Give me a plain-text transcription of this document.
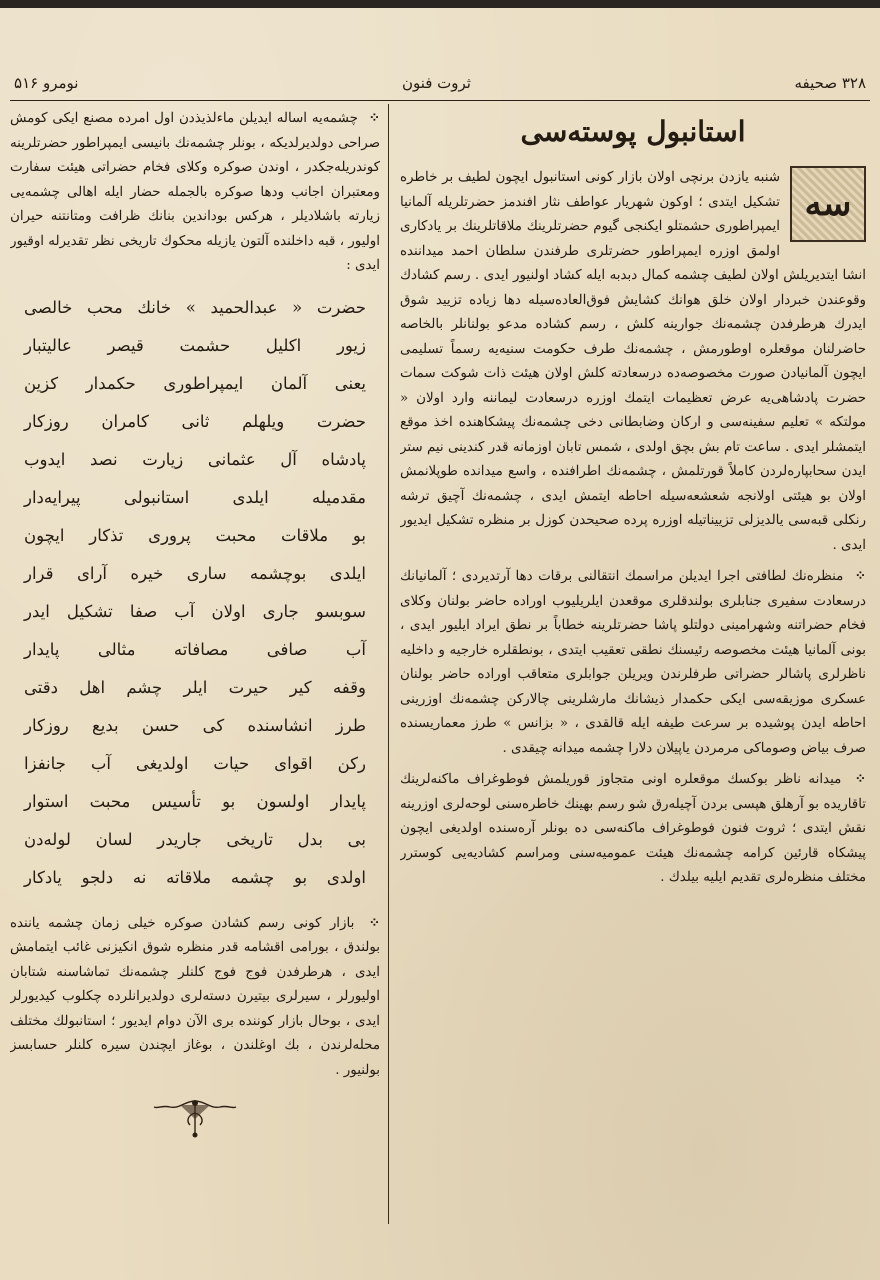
۳۲۸ صحیفه
ثروت فنون
نومرو ۵۱۶
استانبول پوسته‌سی

سه
شنبه یازدن برنچی اولان بازار کونی استانبول ایچون لطیف بر خاطره تشکیل ایتدی ؛ اوکون شهریار عواطف نثار افندمز حضرتلریله آلمانیا ایمپراطوری حشمتلو ایکنجی گیوم حضرتلرینك ملاقاتلرینك بر یادکاری اولمق اوزره ایمپراطور حضرتلری طرفندن سلطان احمد میدانندە انشا ایتدیریلش اولان لطیف چشمه کمال دبدبه ایله کشاد اولنیور ایدی . رسم کشادك وقوعندن خبردار اولان خلق هوانك کشایش فوق‌العاده‌سیله دها زیاده تزیید شوق ایدرك هرطرفدن چشمه‌نك جوارینه کلش ، رسم کشاده مدعو بولنانلر بالخاصه حاضرلنان موقعلره اوطورمش ، چشمه‌نك طرف حکومت سنیه‌یه رسماً تسلیمی ایچون آلمانیادن صورت مخصوصه‌ده درسعادته کلش اولان هیئت ذات شوکت سمات حضرت پادشاهی‌یه عرض تعظیمات ایتمك اوزره درسعادت لیماننه وارد اولان « مولتکه » تعلیم سفینه‌سی و ارکان وضابطانی دخی چشمه‌نك پیشکاهنده اخذ موقع ایتمشلر ایدی . ساعت تام بش بچق اولدی ، شمس تابان اوزمانه قدر کندینی نیم ستر ایدن سحابپاره‌لردن کاملاً قورتلمش ، چشمه‌نك اطرافنده ، واسع میدانده طوپلانمش اولان بو هیئتی اولانجه شعشعه‌سیله احاطه ایتمش ایدی ، چشمه‌نك آچیق ترشه رنکلی قبه‌سی یالدیزلی تزییناتیله اوزره پرده صحیحدن کوزل بر منظره تشکیل ایدیور ایدی .

⁘ منظره‌نك لطافتی اجرا ایدیلن مراسمك انتقالنی برقات دها آرتدیردی ؛ آلمانیانك درسعادت سفیری جنابلری بولندقلری موقعدن ایلریلیوب اوراده حاضر بولنان وکلای فخام حضراتنه وشهرامینی دولتلو پاشا حضرتلرینه خطاباً بر نطق ایراد ایلیور ایدی ، بونی آلمانیا هیئت مخصوصه رئیسنك نطقی تعقیب ایتدی ، بونطقلره خارجیه و داخلیه ناظرلری پاشالر حضراتی طرفلرندن ویریلن جوابلری متعاقب اوراده حاضر بولنان عسکری موزیقه‌سی ایکی حکمدار ذیشانك مارشلرینی چالارکن چشمه‌نك اوزرینی احاطه ایدن پوشیده بر سرعت طیفه ایله قالقدی ، « بزانس » طرز معماریسنده صرف بیاض وصوماکی مرمردن یاپیلان دلارا چشمه میدانه چیقدی .

⁘ میدانه ناظر بوکسك موقعلره اونی متجاوز قوریلمش فوطوغراف ماکنه‌لرینك تاقاریده بو آرهلق هپسی بردن آچیله‌رق شو رسم بهینك خاطره‌سنی لوحه‌لری اوزرینه نقش ایتدی ؛ ثروت فنون فوطوغراف ماکنه‌سی ده بونلر آره‌سنده اولدیغی ایچون پیشکاه قارئین کرامه چشمه‌نك هیئت عمومیه‌سنی ومراسم کشادیه‌یی کوسترر مختلف منظره‌لری تقدیم ایلیه بیلدك .

⁘ چشمه‌یه اساله ایدیلن ماءلذیذدن اول امرده مصنع ایکی کومش صراحی دولدیرلدیکه ، بونلر چشمه‌نك بانیسی ایمپراطور حضرتلرینه کوندریله‌جکدر ، اوندن صوکره وکلای فخام حضراتی هیئت سفارت ومعتبران اجانب ودها صوکره بالجمله حضار ایله اهالی چشمه‌یی زیارته باشلادیلر ، هرکس بوداندین بنانك ظرافت ومتانتنه حیران اولیور ، قبه داخلنده آلتون یازیله محکوك تاریخی نظر تقدیرله اوقیور ایدی :

حضرت « عبدالحمید » خانك محب خالصی
زیور اکلیل حشمت قیصر عالیتبار
یعنی آلمان ایمپراطوری حکمدار کزین
حضرت ویلهلم ثانی کامران روزکار
پادشاه آل عثمانی زیارت نصد ایدوب
مقدمیله ایلدی استانبولی پیرایه‌دار
بو ملاقات محبت پروری تذکار ایچون
ایلدی بوچشمه ساری خیره آرای قرار
سوبسو جاری اولان آب صفا تشکیل ایدر
آب صافی مصافاته مثالی پایدار
وقفه کیر حیرت ایلر چشم اهل دقتی
طرز انشاسنده کی حسن بدیع روزکار
رکن اقوای حیات اولدیغی آب جانفزا
پایدار اولسون بو تأسیس محبت استوار
بی بدل تاریخی جاریدر لسان لوله‌دن
اولدی بو چشمه ملاقاته نه دلجو یادکار

⁘ بازار کونی رسم کشادن صوکره خیلی زمان چشمه یاننده بولندق ، بورامی اقشامه قدر منظره شوق انکیزنی غائب ایتمامش ایدی ، هرطرفدن فوج فوج کلنلر چشمه‌نك تماشاسنه شتابان اولیورلر ، سیرلری بیتیرن دسته‌لری دولدیرانلرده چکلوب کیدیورلر ایدی ، بوحال بازار کوننده بری الآن دوام ایدیور ؛ استانبولك مختلف محله‌لرندن ، بك اوغلندن ، بوغاز ایچندن سیره کلنلر حسابسز بولنیور .
